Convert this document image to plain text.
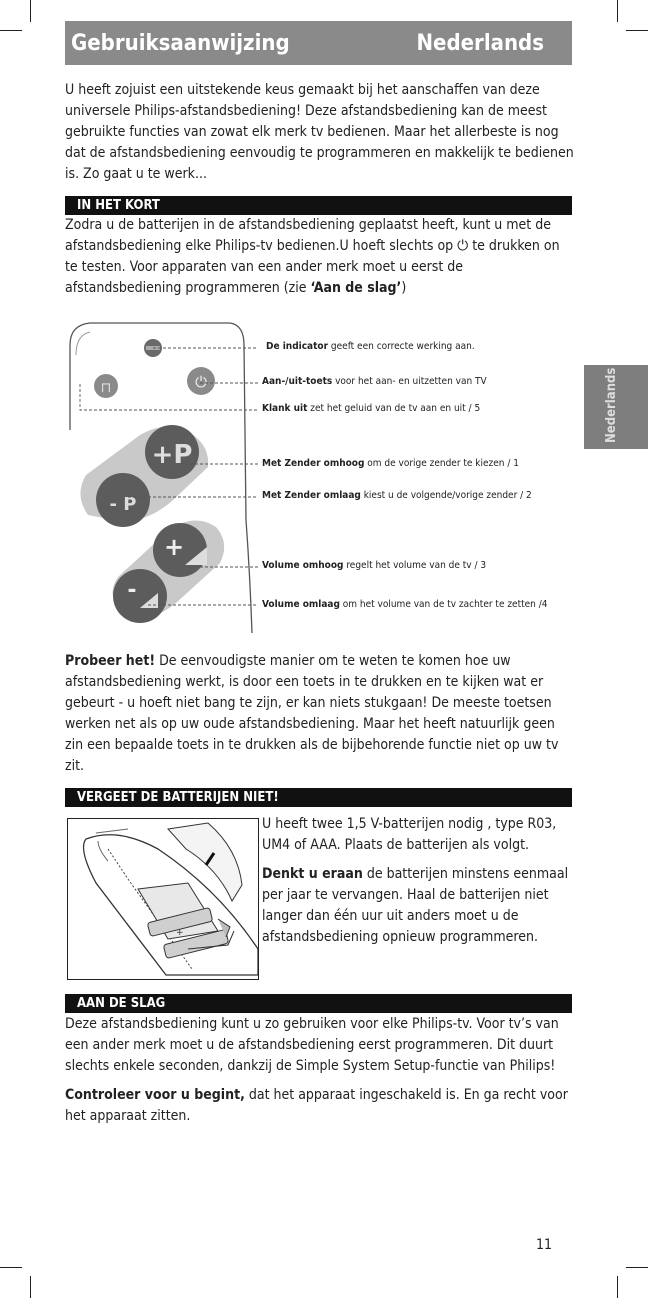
Gebruiksaanwijzing	Nederlands
Nederlands

U heeft zojuist een uitstekende keus gemaakt bij het aanschaffen van deze universele Philips-afstandsbediening! Deze afstandsbediening kan de meest gebruikte functies van zowat elk merk tv bedienen. Maar het allerbeste is nog dat de afstandsbediening eenvoudig te programmeren en makkelijk te bedienen is. Zo gaat u te werk...

IN HET KORT

Zodra u de batterijen in de afstandsbediening geplaatst heeft, kunt u met de afstandsbediening elke Philips-tv bedienen.U hoeft slechts op ⏻ te drukken on te testen. Voor apparaten van een ander merk moet u eerst de afstandsbediening programmeren (zie ‘Aan de slag’)

⊓	⏻
+P
- P
+
-
De indicator geeft een correcte werking aan.
Aan-/uit-toets voor het aan- en uitzetten van TV
Klank uit zet het geluid van de tv aan en uit / 5
Met Zender omhoog om de vorige zender te kiezen / 1
Met Zender omlaag kiest u de volgende/vorige zender / 2
Volume omhoog regelt het volume van de tv / 3
Volume omlaag om het volume van de tv zachter te zetten /4

Probeer het! De eenvoudigste manier om te weten te komen hoe uw afstandsbediening werkt, is door een toets in te drukken en te kijken wat er gebeurt - u hoeft niet bang te zijn, er kan niets stukgaan! De meeste toetsen werken net als op uw oude afstandsbediening. Maar het heeft natuurlijk geen zin een bepaalde toets in te drukken als de bijbehorende functie niet op uw tv zit.

VERGEET DE BATTERIJEN NIET!
+

U heeft twee 1,5 V-batterijen nodig , type R03, UM4 of AAA. Plaats de batterijen als volgt.

Denkt u eraan de batterijen minstens eenmaal per jaar te vervangen. Haal de batterijen niet langer dan één uur uit anders moet u de afstandsbediening opnieuw programmeren.

AAN DE SLAG

Deze afstandsbediening kunt u zo gebruiken voor elke Philips-tv. Voor tv’s van een ander merk moet u de afstandsbediening eerst programmeren. Dit duurt slechts enkele seconden, dankzij de Simple System Setup-functie van Philips!

Controleer voor u begint, dat het apparaat ingeschakeld is. En ga recht voor het apparaat zitten.

11
